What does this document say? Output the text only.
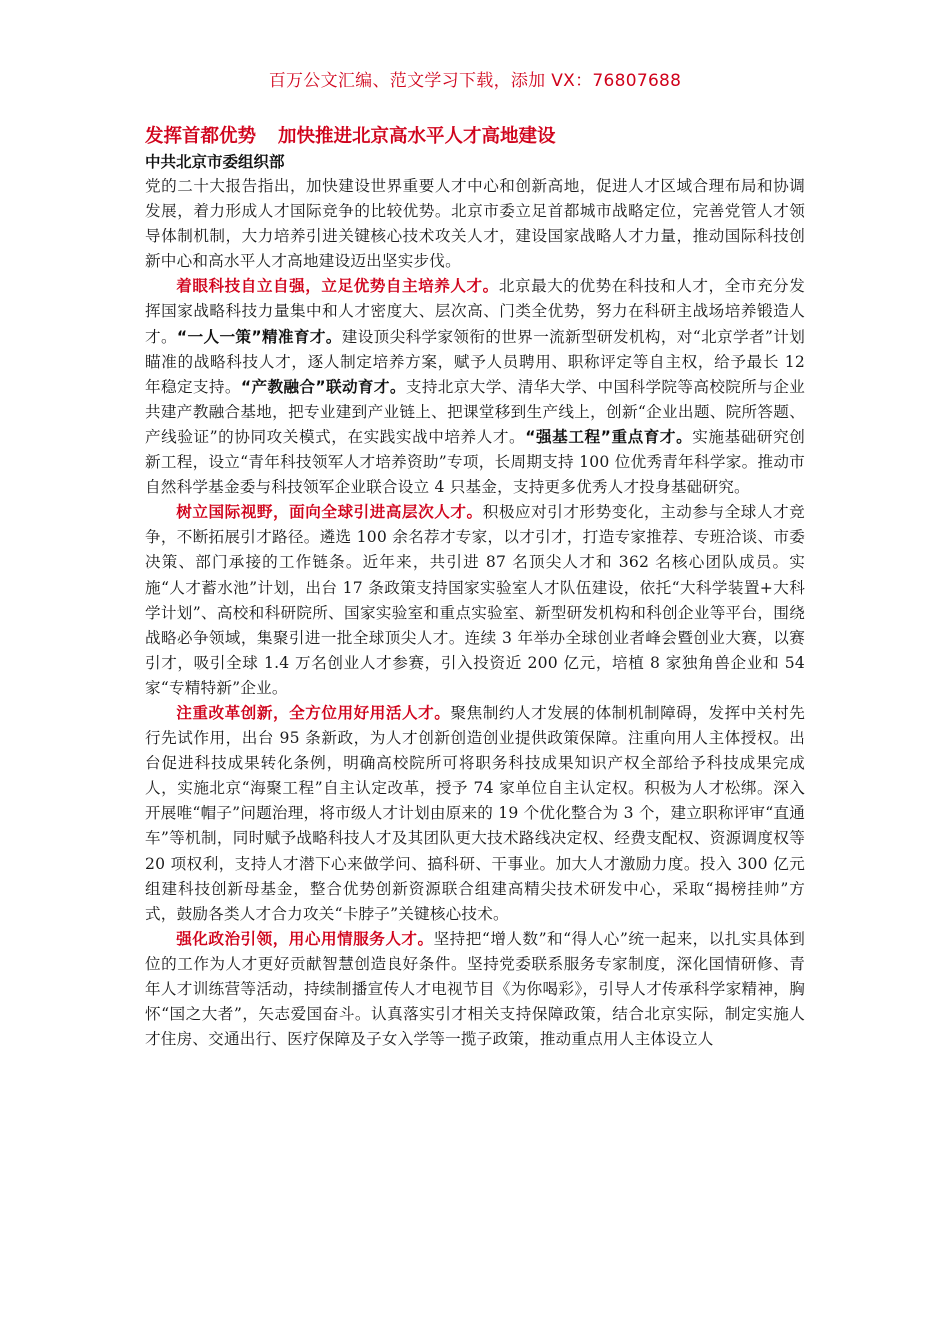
百万公文汇编、范文学习下载，添加 VX：76807688

发挥首都优势 加快推进北京高水平人才高地建设

中共北京市委组织部

党的二十大报告指出，加快建设世界重要人才中心和创新高地，促进人才区域合理布局和协调发展，着力形成人才国际竞争的比较优势。北京市委立足首都城市战略定位，完善党管人才领导体制机制，大力培养引进关键核心技术攻关人才，建设国家战略人才力量，推动国际科技创新中心和高水平人才高地建设迈出坚实步伐。

着眼科技自立自强，立足优势自主培养人才。北京最大的优势在科技和人才，全市充分发挥国家战略科技力量集中和人才密度大、层次高、门类全优势，努力在科研主战场培养锻造人才。“一人一策”精准育才。建设顶尖科学家领衔的世界一流新型研发机构，对“北京学者”计划瞄准的战略科技人才，逐人制定培养方案，赋予人员聘用、职称评定等自主权，给予最长 12 年稳定支持。“产教融合”联动育才。支持北京大学、清华大学、中国科学院等高校院所与企业共建产教融合基地，把专业建到产业链上、把课堂移到生产线上，创新“企业出题、院所答题、产线验证”的协同攻关模式，在实践实战中培养人才。“强基工程”重点育才。实施基础研究创新工程，设立“青年科技领军人才培养资助”专项，长周期支持 100 位优秀青年科学家。推动市自然科学基金委与科技领军企业联合设立 4 只基金，支持更多优秀人才投身基础研究。

树立国际视野，面向全球引进高层次人才。积极应对引才形势变化，主动参与全球人才竞争，不断拓展引才路径。遴选 100 余名荐才专家，以才引才，打造专家推荐、专班洽谈、市委决策、部门承接的工作链条。近年来，共引进 87 名顶尖人才和 362 名核心团队成员。实施“人才蓄水池”计划，出台 17 条政策支持国家实验室人才队伍建设，依托“大科学装置+大科学计划”、高校和科研院所、国家实验室和重点实验室、新型研发机构和科创企业等平台，围绕战略必争领域，集聚引进一批全球顶尖人才。连续 3 年举办全球创业者峰会暨创业大赛，以赛引才，吸引全球 1.4 万名创业人才参赛，引入投资近 200 亿元，培植 8 家独角兽企业和 54 家“专精特新”企业。

注重改革创新，全方位用好用活人才。聚焦制约人才发展的体制机制障碍，发挥中关村先行先试作用，出台 95 条新政，为人才创新创造创业提供政策保障。注重向用人主体授权。出台促进科技成果转化条例，明确高校院所可将职务科技成果知识产权全部给予科技成果完成人，实施北京“海聚工程”自主认定改革，授予 74 家单位自主认定权。积极为人才松绑。深入开展唯“帽子”问题治理，将市级人才计划由原来的 19 个优化整合为 3 个，建立职称评审“直通车”等机制，同时赋予战略科技人才及其团队更大技术路线决定权、经费支配权、资源调度权等 20 项权利，支持人才潜下心来做学问、搞科研、干事业。加大人才激励力度。投入 300 亿元组建科技创新母基金，整合优势创新资源联合组建高精尖技术研发中心，采取“揭榜挂帅”方式，鼓励各类人才合力攻关“卡脖子”关键核心技术。

强化政治引领，用心用情服务人才。坚持把“增人数”和“得人心”统一起来，以扎实具体到位的工作为人才更好贡献智慧创造良好条件。坚持党委联系服务专家制度，深化国情研修、青年人才训练营等活动，持续制播宣传人才电视节目《为你喝彩》，引导人才传承科学家精神，胸怀“国之大者”，矢志爱国奋斗。认真落实引才相关支持保障政策，结合北京实际，制定实施人才住房、交通出行、医疗保障及子女入学等一揽子政策，推动重点用人主体设立人
